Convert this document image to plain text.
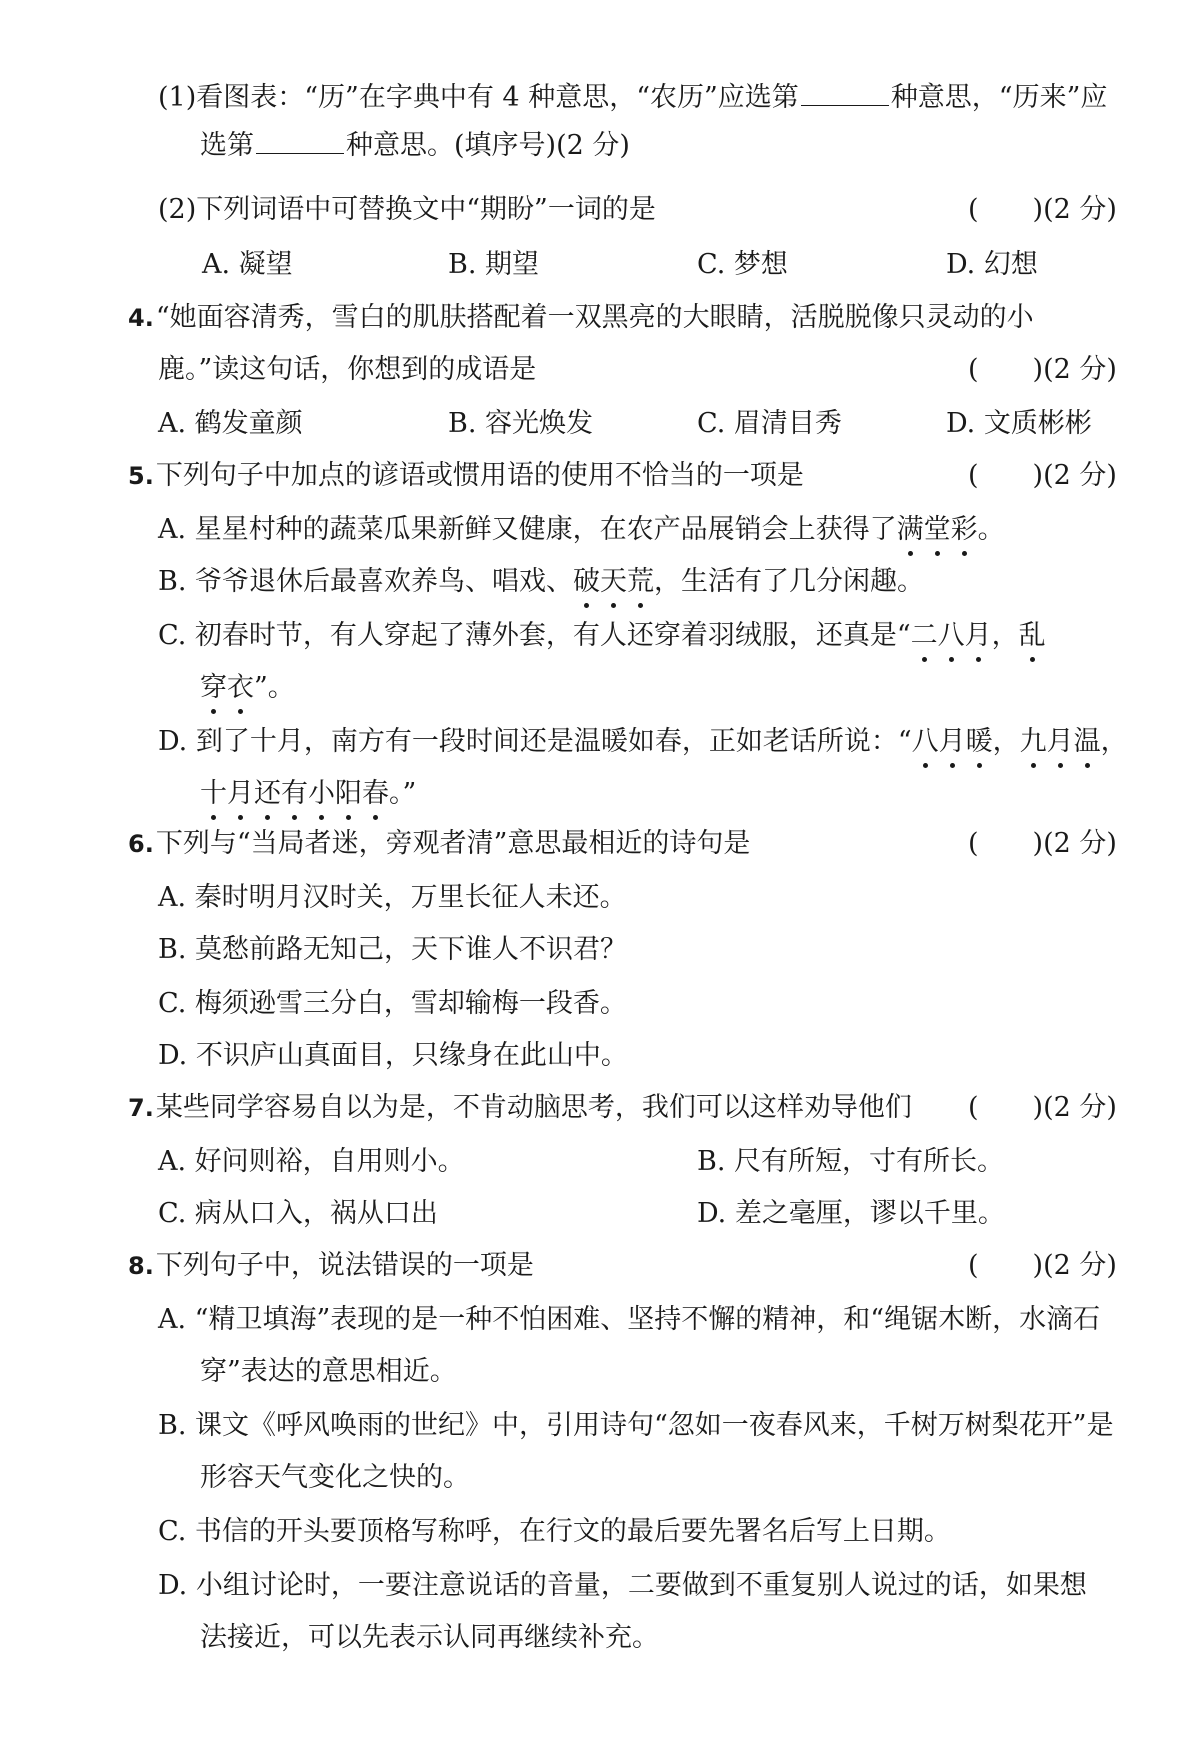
(1)看图表：“历”在字典中有 4 种意思，“农历”应选第	种意思，“历来”应
选第	种意思。(填序号)(2 分)
(2)下列词语中可替换文中“期盼”一词的是	(　　)(2 分)
A. 凝望	B. 期望	C. 梦想	D. 幻想
4.“她面容清秀，雪白的肌肤搭配着一双黑亮的大眼睛，活脱脱像只灵动的小
鹿。”读这句话，你想到的成语是	(　　)(2 分)
A. 鹤发童颜	B. 容光焕发	C. 眉清目秀	D. 文质彬彬
5.下列句子中加点的谚语或惯用语的使用不恰当的一项是	(　　)(2 分)
A. 星星村种的蔬菜瓜果新鲜又健康，在农产品展销会上获得了满堂彩。
B. 爷爷退休后最喜欢养鸟、唱戏、破天荒，生活有了几分闲趣。
C. 初春时节，有人穿起了薄外套，有人还穿着羽绒服，还真是“二八月，乱
穿衣”。
D. 到了十月，南方有一段时间还是温暖如春，正如老话所说：“八月暖，九月温，
十月还有小阳春。”
6.下列与“当局者迷，旁观者清”意思最相近的诗句是	(　　)(2 分)
A. 秦时明月汉时关，万里长征人未还。
B. 莫愁前路无知己，天下谁人不识君？
C. 梅须逊雪三分白，雪却输梅一段香。
D. 不识庐山真面目，只缘身在此山中。
7.某些同学容易自以为是，不肯动脑思考，我们可以这样劝导他们 (　　)(2 分)
A. 好问则裕，自用则小。	B. 尺有所短，寸有所长。
C. 病从口入，祸从口出	D. 差之毫厘，谬以千里。
8.下列句子中，说法错误的一项是	(　　)(2 分)
A. “精卫填海”表现的是一种不怕困难、坚持不懈的精神，和“绳锯木断，水滴石
穿”表达的意思相近。
B. 课文《呼风唤雨的世纪》中，引用诗句“忽如一夜春风来，千树万树梨花开”是
形容天气变化之快的。
C. 书信的开头要顶格写称呼，在行文的最后要先署名后写上日期。
D. 小组讨论时，一要注意说话的音量，二要做到不重复别人说过的话，如果想
法接近，可以先表示认同再继续补充。
